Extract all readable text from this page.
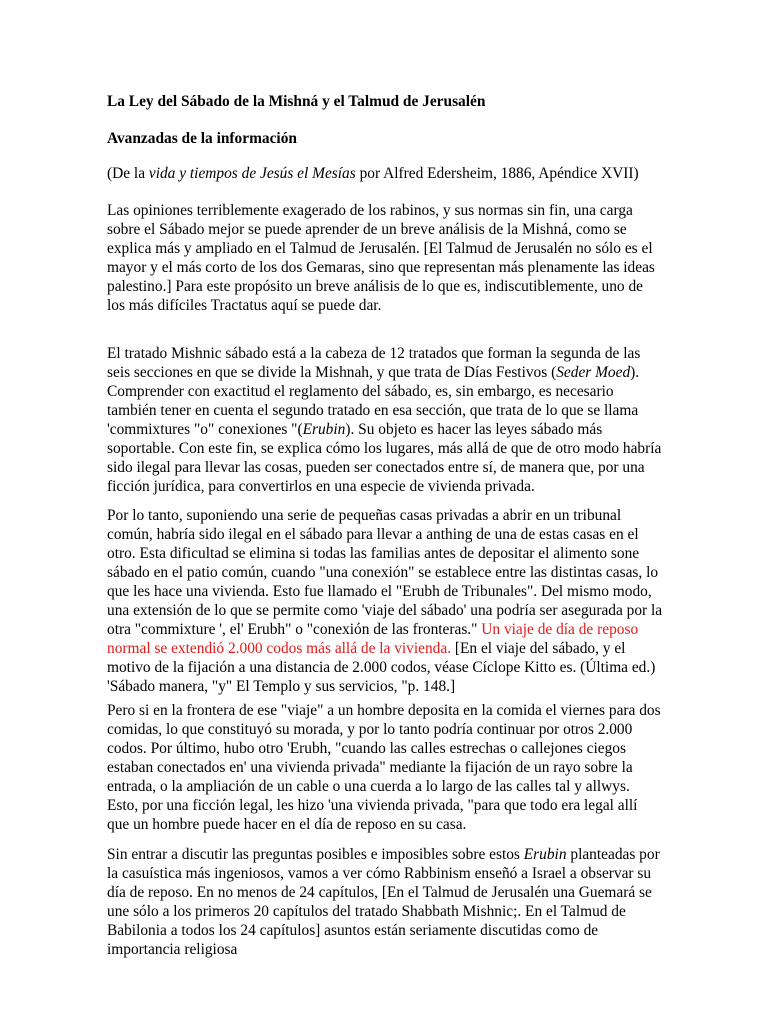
La Ley del Sábado de la Mishná y el Talmud de Jerusalén

Avanzadas de la información

(De la vida y tiempos de Jesús el Mesías por Alfred Edersheim, 1886, Apéndice XVII)

Las opiniones terriblemente exagerado de los rabinos, y sus normas sin fin, una carga sobre el Sábado mejor se puede aprender de un breve análisis de la Mishná, como se explica más y ampliado en el Talmud de Jerusalén. [El Talmud de Jerusalén no sólo es el mayor y el más corto de los dos Gemaras, sino que representan más plenamente las ideas palestino.] Para este propósito un breve análisis de lo que es, indiscutiblemente, uno de los más difíciles Tractatus aquí se puede dar.

El tratado Mishnic sábado está a la cabeza de 12 tratados que forman la segunda de las seis secciones en que se divide la Mishnah, y que trata de Días Festivos (Seder Moed). Comprender con exactitud el reglamento del sábado, es, sin embargo, es necesario también tener en cuenta el segundo tratado en esa sección, que trata de lo que se llama 'commixtures "o" conexiones "(Erubin). Su objeto es hacer las leyes sábado más soportable. Con este fin, se explica cómo los lugares, más allá de que de otro modo habría sido ilegal para llevar las cosas, pueden ser conectados entre sí, de manera que, por una ficción jurídica, para convertirlos en una especie de vivienda privada.

Por lo tanto, suponiendo una serie de pequeñas casas privadas a abrir en un tribunal común, habría sido ilegal en el sábado para llevar a anthing de una de estas casas en el otro. Esta dificultad se elimina si todas las familias antes de depositar el alimento sone sábado en el patio común, cuando "una conexión" se establece entre las distintas casas, lo que les hace una vivienda. Esto fue llamado el "Erubh de Tribunales". Del mismo modo, una extensión de lo que se permite como 'viaje del sábado' una podría ser asegurada por la otra "commixture ', el' Erubh" o "conexión de las fronteras." Un viaje de día de reposo normal se extendió 2.000 codos más allá de la vivienda. [En el viaje del sábado, y el motivo de la fijación a una distancia de 2.000 codos, véase Cíclope Kitto es. (Última ed.) 'Sábado manera, "y" El Templo y sus servicios, "p. 148.]

Pero si en la frontera de ese "viaje" a un hombre deposita en la comida el viernes para dos comidas, lo que constituyó su morada, y por lo tanto podría continuar por otros 2.000 codos. Por último, hubo otro 'Erubh, "cuando las calles estrechas o callejones ciegos estaban conectados en' una vivienda privada" mediante la fijación de un rayo sobre la entrada, o la ampliación de un cable o una cuerda a lo largo de las calles tal y allwys. Esto, por una ficción legal, les hizo 'una vivienda privada, "para que todo era legal allí que un hombre puede hacer en el día de reposo en su casa.

Sin entrar a discutir las preguntas posibles e imposibles sobre estos Erubin planteadas por la casuística más ingeniosos, vamos a ver cómo Rabbinism enseñó a Israel a observar su día de reposo. En no menos de 24 capítulos, [En el Talmud de Jerusalén una Guemará se une sólo a los primeros 20 capítulos del tratado Shabbath Mishnic;. En el Talmud de Babilonia a todos los 24 capítulos] asuntos están seriamente discutidas como de importancia religiosa
